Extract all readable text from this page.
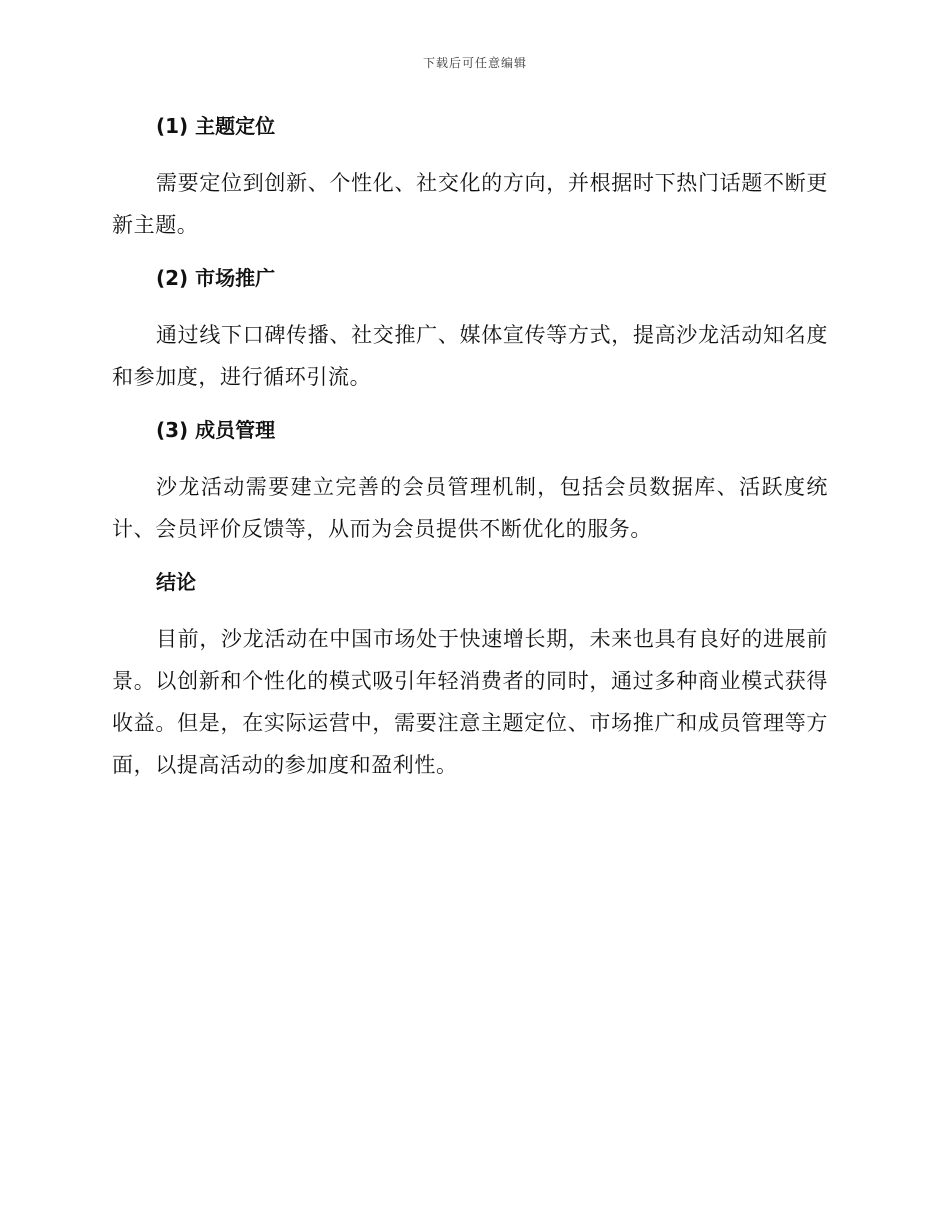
下载后可任意编辑
(1) 主题定位

需要定位到创新、个性化、社交化的方向，并根据时下热门话题不断更新主题。

(2) 市场推广

通过线下口碑传播、社交推广、媒体宣传等方式，提高沙龙活动知名度和参加度，进行循环引流。

(3) 成员管理

沙龙活动需要建立完善的会员管理机制，包括会员数据库、活跃度统计、会员评价反馈等，从而为会员提供不断优化的服务。

结论

目前，沙龙活动在中国市场处于快速增长期，未来也具有良好的进展前景。以创新和个性化的模式吸引年轻消费者的同时，通过多种商业模式获得收益。但是，在实际运营中，需要注意主题定位、市场推广和成员管理等方面，以提高活动的参加度和盈利性。
